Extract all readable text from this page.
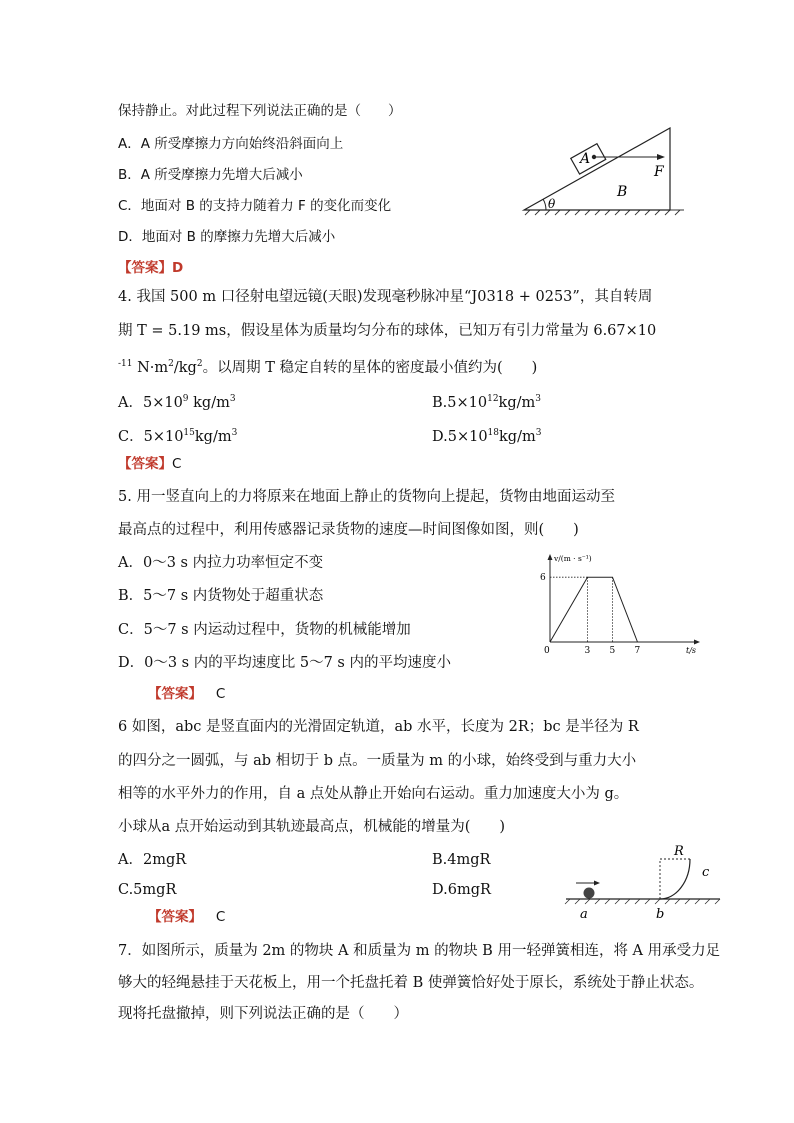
保持静止。对此过程下列说法正确的是（　　）
A．A 所受摩擦力方向始终沿斜面向上
B．A 所受摩擦力先增大后减小
C．地面对 B 的支持力随着力 F 的变化而变化
D．地面对 B 的摩擦力先增大后减小
【答案】D
A
F
B
θ
4. 我国 500 m 口径射电望远镜(天眼)发现毫秒脉冲星“J0318 + 0253”，其自转周
期 T = 5.19 ms，假设星体为质量均匀分布的球体，已知万有引力常量为 6.67×10
$^{-11}$ $N\cdot m^2/kg^2$。以周期 T 稳定自转的星体的密度最小值约为(　　)
A．$5\times 10^9$ $kg/m^3$	$B.5\times 10^{12}kg/m^3$
C．$5\times 10^{15}kg/m^3$	$D.5\times 10^{18}kg/m^3$
【答案】C
5. 用一竖直向上的力将原来在地面上静止的货物向上提起，货物由地面运动至
最高点的过程中，利用传感器记录货物的速度—时间图像如图，则(　　)
A．0～3 s 内拉力功率恒定不变
B．5～7 s 内货物处于超重状态
C．5～7 s 内运动过程中，货物的机械能增加
D．0～3 s 内的平均速度比 5～7 s 内的平均速度小
【答案】 C
6
0	3 5 7
v/(m · s⁻¹)
t/s
6 如图，abc 是竖直面内的光滑固定轨道，ab 水平，长度为 2R；bc 是半径为 R
的四分之一圆弧，与 ab 相切于 b 点。一质量为 m 的小球，始终受到与重力大小
相等的水平外力的作用，自 a 点处从静止开始向右运动。重力加速度大小为 g。
小球从a 点开始运动到其轨迹最高点，机械能的增量为(　　)
A．2mgR	B.4mgR
C.5mgR	D.6mgR
【答案】 C
R
c
a	b
7．如图所示，质量为 2m 的物块 A 和质量为 m 的物块 B 用一轻弹簧相连，将 A 用承受力足
够大的轻绳悬挂于天花板上，用一个托盘托着 B 使弹簧恰好处于原长，系统处于静止状态。
现将托盘撤掉，则下列说法正确的是（　　）
